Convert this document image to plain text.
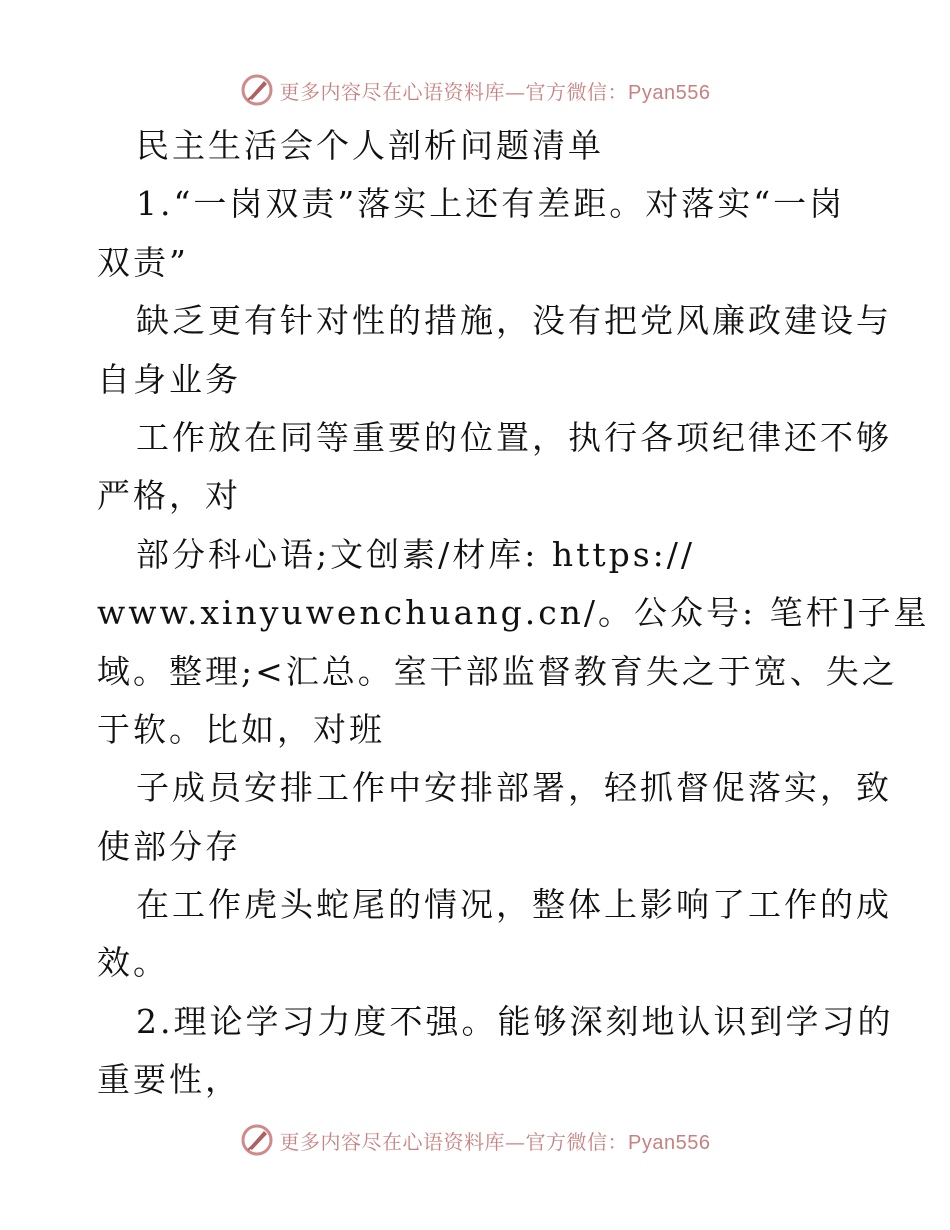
更多内容尽在心语资料库—官方微信：Pyan556
民主生活会个人剖析问题清单
1.“一岗双责”落实上还有差距。对落实“一岗
双责”
缺乏更有针对性的措施，没有把党风廉政建设与
自身业务
工作放在同等重要的位置，执行各项纪律还不够
严格，对
部分科心语;文创素/材库: https://
www.xinyuwenchuang.cn/。公众号: 笔杆]子星
域。整理;<汇总。室干部监督教育失之于宽、失之
于软。比如，对班
子成员安排工作中安排部署，轻抓督促落实，致
使部分存
在工作虎头蛇尾的情况，整体上影响了工作的成
效。
2.理论学习力度不强。能够深刻地认识到学习的
重要性，
更多内容尽在心语资料库—官方微信：Pyan556
